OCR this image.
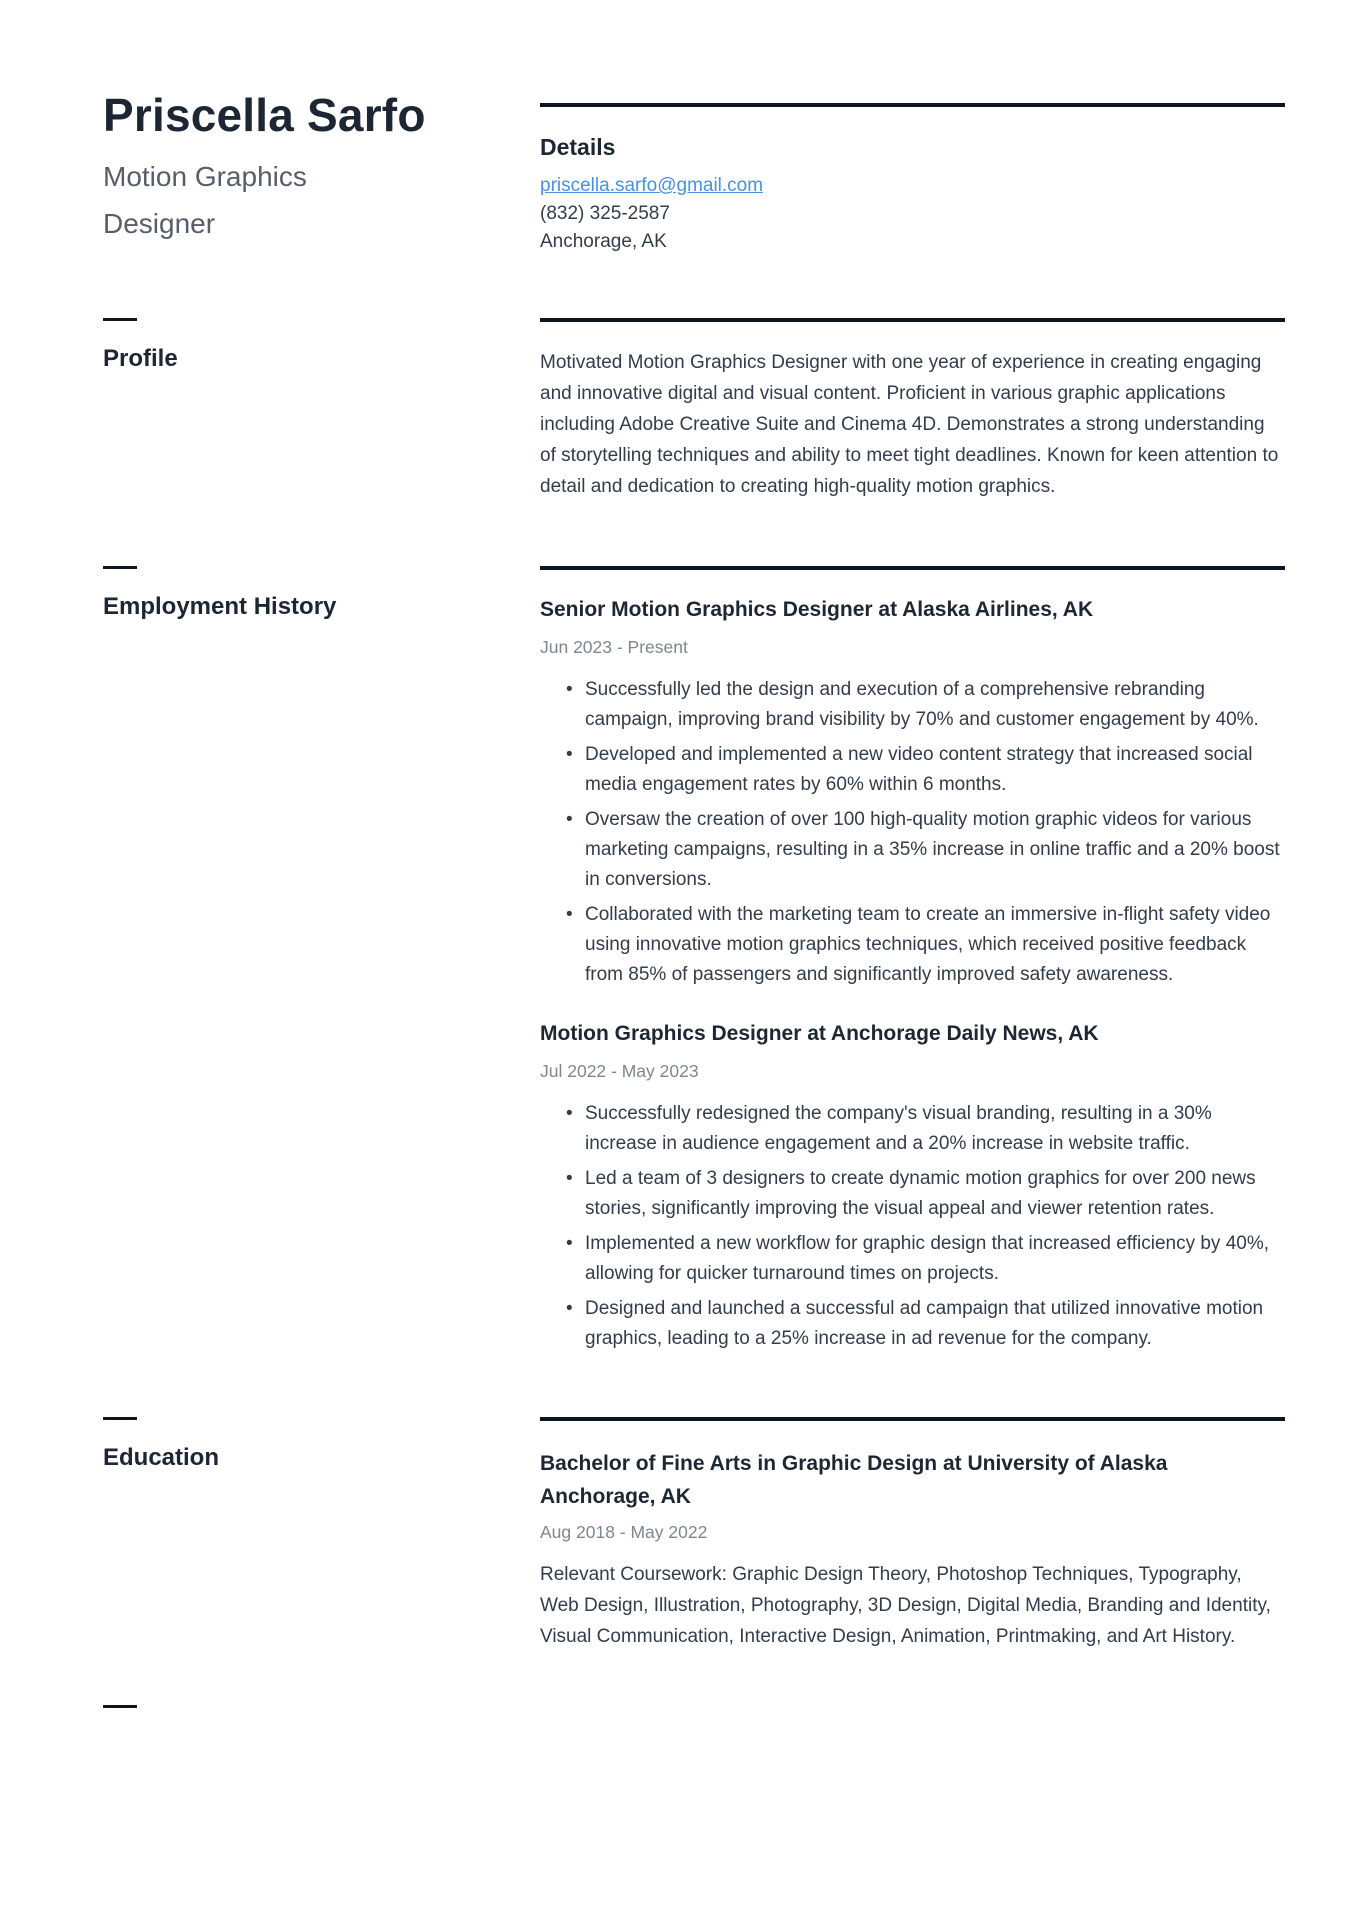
Priscella Sarfo
Motion Graphics Designer
Details
priscella.sarfo@gmail.com
(832) 325-2587
Anchorage, AK
Profile	Motivated Motion Graphics Designer with one year of experience in creating engaging and innovative digital and visual content. Proficient in various graphic applications including Adobe Creative Suite and Cinema 4D. Demonstrates a strong understanding of storytelling techniques and ability to meet tight deadlines. Known for keen attention to detail and dedication to creating high-quality motion graphics.

Employment History	Senior Motion Graphics Designer at Alaska Airlines, AK
Jun 2023 - Present
• Successfully led the design and execution of a comprehensive rebranding campaign, improving brand visibility by 70% and customer engagement by 40%.
• Developed and implemented a new video content strategy that increased social media engagement rates by 60% within 6 months.
• Oversaw the creation of over 100 high-quality motion graphic videos for various marketing campaigns, resulting in a 35% increase in online traffic and a 20% boost in conversions.
• Collaborated with the marketing team to create an immersive in-flight safety video using innovative motion graphics techniques, which received positive feedback from 85% of passengers and significantly improved safety awareness.
Motion Graphics Designer at Anchorage Daily News, AK
Jul 2022 - May 2023
• Successfully redesigned the company's visual branding, resulting in a 30% increase in audience engagement and a 20% increase in website traffic.
• Led a team of 3 designers to create dynamic motion graphics for over 200 news stories, significantly improving the visual appeal and viewer retention rates.
• Implemented a new workflow for graphic design that increased efficiency by 40%, allowing for quicker turnaround times on projects.
• Designed and launched a successful ad campaign that utilized innovative motion graphics, leading to a 25% increase in ad revenue for the company.
Education	Bachelor of Fine Arts in Graphic Design at University of Alaska Anchorage, AK
Aug 2018 - May 2022

Relevant Coursework: Graphic Design Theory, Photoshop Techniques, Typography, Web Design, Illustration, Photography, 3D Design, Digital Media, Branding and Identity, Visual Communication, Interactive Design, Animation, Printmaking, and Art History.
